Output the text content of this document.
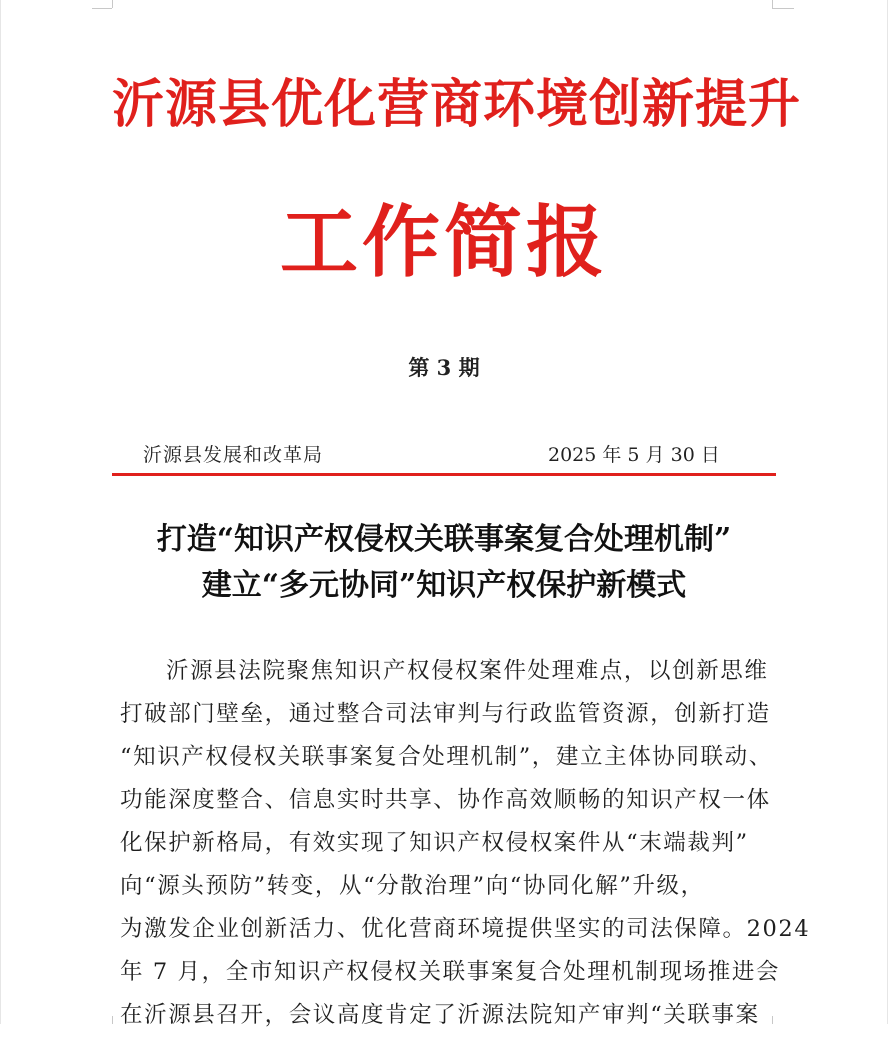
沂源县优化营商环境创新提升
工作简报
第 3 期
沂源县发展和改革局	2025 年 5 月 30 日
打造“知识产权侵权关联事案复合处理机制”
建立“多元协同”知识产权保护新模式
沂源县法院聚焦知识产权侵权案件处理难点，以创新思维
打破部门壁垒，通过整合司法审判与行政监管资源，创新打造
“知识产权侵权关联事案复合处理机制”，建立主体协同联动、
功能深度整合、信息实时共享、协作高效顺畅的知识产权一体
化保护新格局，有效实现了知识产权侵权案件从“末端裁判”
向“源头预防”转变，从“分散治理”向“协同化解”升级，
为激发企业创新活力、优化营商环境提供坚实的司法保障。2024
年 7 月，全市知识产权侵权关联事案复合处理机制现场推进会
在沂源县召开，会议高度肯定了沂源法院知产审判“关联事案
